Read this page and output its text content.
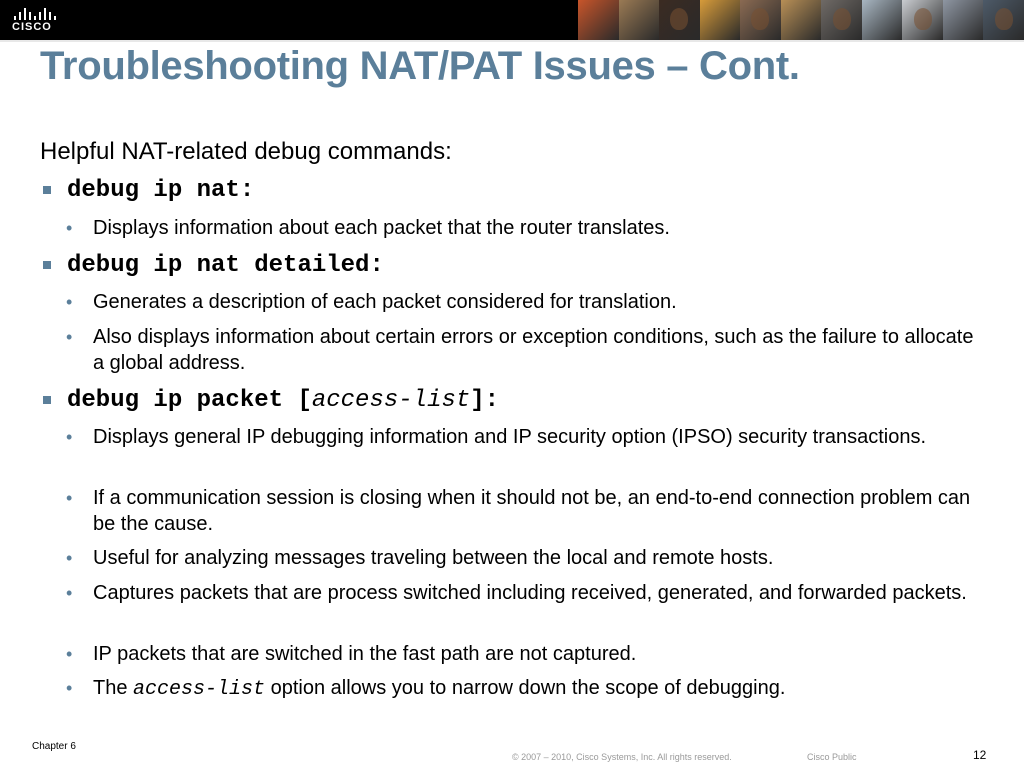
CISCO
Troubleshooting NAT/PAT Issues – Cont.
Helpful NAT-related debug commands:
debug ip nat:
• Displays information about each packet that the router translates.
debug ip nat detailed:
• Generates a description of each packet considered for translation.
• Also displays information about certain errors or exception conditions, such as the failure to allocate a global address.
debug ip packet [access-list]:
• Displays general IP debugging information and IP security option (IPSO) security transactions.
• If a communication session is closing when it should not be, an end-to-end connection problem can be the cause.
• Useful for analyzing messages traveling between the local and remote hosts.
• Captures packets that are process switched including received, generated, and forwarded packets.
• IP packets that are switched in the fast path are not captured.
• The access-list option allows you to narrow down the scope of debugging.
Chapter 6
© 2007 – 2010, Cisco Systems, Inc. All rights reserved.	Cisco Public	12
